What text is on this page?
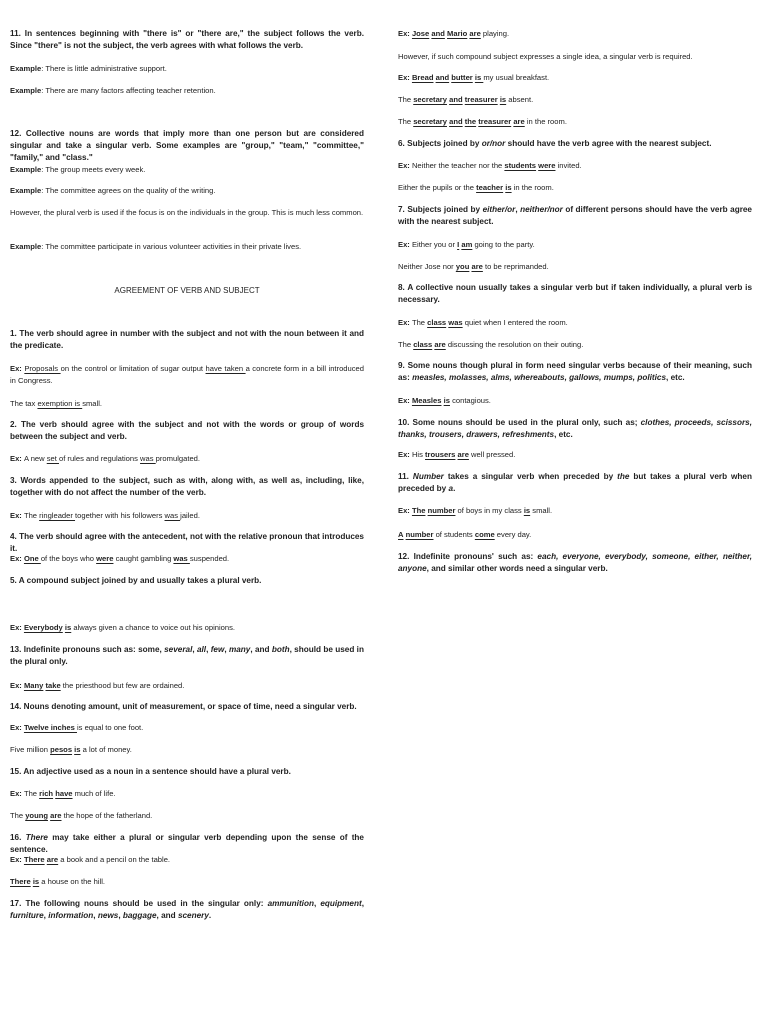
11. In sentences beginning with "there is" or "there are," the subject follows the verb. Since "there" is not the subject, the verb agrees with what follows the verb.

Example: There is little administrative support.

Example: There are many factors affecting teacher retention.

12. Collective nouns are words that imply more than one person but are considered singular and take a singular verb. Some examples are "group," "team," "committee," "family," and "class."

Example: The group meets every week.

Example: The committee agrees on the quality of the writing.

However, the plural verb is used if the focus is on the individuals in the group. This is much less common.

Example: The committee participate in various volunteer activities in their private lives.

AGREEMENT OF VERB AND SUBJECT

1. The verb should agree in number with the subject and not with the noun between it and the predicate.

Ex: Proposals on the control or limitation of sugar output have taken a concrete form in a bill introduced in Congress.

The tax exemption is small.

2. The verb should agree with the subject and not with the words or group of words between the subject and verb.

Ex: A new set of rules and regulations was promulgated.

3. Words appended to the subject, such as with, along with, as well as, including, like, together with do not affect the number of the verb.

Ex: The ringleader together with his followers was jailed.

4. The verb should agree with the antecedent, not with the relative pronoun that introduces it.

Ex: One of the boys who were caught gambling was suspended.

5. A compound subject joined by and usually takes a plural verb.

Ex: Everybody is always given a chance to voice out his opinions.

13. Indefinite pronouns such as: some, several, all, few, many, and both, should be used in the plural only.

Ex: Many take the priesthood but few are ordained.

14. Nouns denoting amount, unit of measurement, or space of time, need a singular verb.

Ex: Twelve inches is equal to one foot.

Five million pesos is a lot of money.

15. An adjective used as a noun in a sentence should have a plural verb.

Ex: The rich have much of life.

The young are the hope of the fatherland.

16. There may take either a plural or singular verb depending upon the sense of the sentence.

Ex: There are a book and a pencil on the table.

There is a house on the hill.

17. The following nouns should be used in the singular only: ammunition, equipment, furniture, information, news, baggage, and scenery.

Ex: Jose and Mario are playing.

However, if such compound subject expresses a single idea, a singular verb is required.

Ex: Bread and butter is my usual breakfast.

The secretary and treasurer is absent.

The secretary and the treasurer are in the room.

6. Subjects joined by or/nor should have the verb agree with the nearest subject.

Ex: Neither the teacher nor the students were invited.

Either the pupils or the teacher is in the room.

7. Subjects joined by either/or, neither/nor of different persons should have the verb agree with the nearest subject.

Ex: Either you or I am going to the party.

Neither Jose nor you are to be reprimanded.

8. A collective noun usually takes a singular verb but if taken individually, a plural verb is necessary.

Ex: The class was quiet when I entered the room.

The class are discussing the resolution on their outing.

9. Some nouns though plural in form need singular verbs because of their meaning, such as: measles, molasses, alms, whereabouts, gallows, mumps, politics, etc.

Ex: Measles is contagious.

10. Some nouns should be used in the plural only, such as; clothes, proceeds, scissors, thanks, trousers, drawers, refreshments, etc.

Ex: His trousers are well pressed.

11. Number takes a singular verb when preceded by the but takes a plural verb when preceded by a.

Ex: The number of boys in my class is small.

A number of students come every day.

12. Indefinite pronouns' such as: each, everyone, everybody, someone, either, neither, anyone, and similar other words need a singular verb.
